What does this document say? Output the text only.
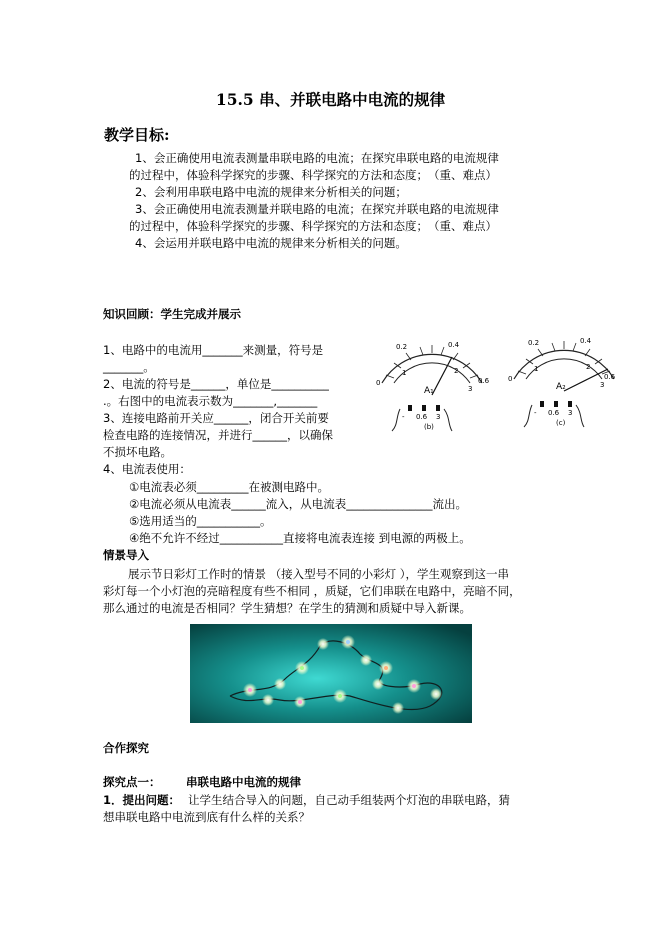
15.5 串、并联电路中电流的规律
教学目标:
1、会正确使用电流表测量串联电路的电流；在探究串联电路的电流规律
的过程中，体验科学探究的步骤、科学探究的方法和态度；　（重、难点）
2、会利用串联电路中电流的规律来分析相关的问题；
3、会正确使用电流表测量并联电路的电流；在探究并联电路的电流规律
的过程中，体验科学探究的步骤、科学探究的方法和态度；　（重、难点）
4、会运用并联电路中电流的规律来分析相关的问题。
知识回顾：学生完成并展示
1、电路中的电流用_______来测量，符号是
_______。
2、电流的符号是______，单位是__________
.。右图中的电流表示数为_______,_______
3、连接电路前开关应______，闭合开关前要
检查电路的连接情况，并进行______，以确保
不损坏电路。
4、电流表使用：
①电流表必须_________在被测电路中。
②电流必须从电流表______流入，从电流表_______________流出。
⑤选用适当的___________。
④绝不允许不经过___________直接将电流表连接 到电源的两极上。
0.2	0.4
1	2
0
3
0.6
A₁
- 0.6 3
(b)
0.2	0.4
1	2
0
3
0.6
A₂
- 0.6 3
(c)
情景导入
展示节日彩灯工作时的情景 （接入型号不同的小彩灯 ），学生观察到这一串
彩灯每一个小灯泡的亮暗程度有些不相同 ，质疑，它们串联在电路中，亮暗不同，
那么通过的电流是否相同？学生猜想？在学生的猜测和质疑中导入新课。
合作探究
探究点一： 串联电路中电流的规律
1．提出问题： 让学生结合导入的问题，自己动手组装两个灯泡的串联电路，猜
想串联电路中电流到底有什么样的关系？
